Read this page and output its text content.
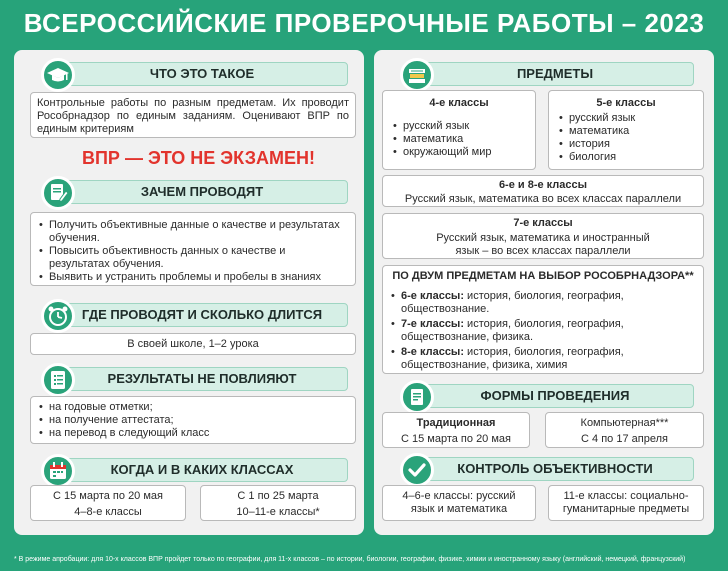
ВСЕРОССИЙСКИЕ ПРОВЕРОЧНЫЕ РАБОТЫ – 2023
ЧТО ЭТО ТАКОЕ
Контрольные работы по разным предметам. Их проводит Рособрнадзор по единым заданиям. Оценивают ВПР по единым критериям
ВПР — ЭТО НЕ ЭКЗАМЕН!
ЗАЧЕМ ПРОВОДЯТ
• Получить объективные данные о качестве и результатах обучения.
• Повысить объективность данных о качестве и результатах обучения.
• Выявить и устранить проблемы и пробелы в знаниях
ГДЕ ПРОВОДЯТ И СКОЛЬКО ДЛИТСЯ
В своей школе, 1–2 урока
РЕЗУЛЬТАТЫ НЕ ПОВЛИЯЮТ
• на годовые отметки;
• на получение аттестата;
• на перевод в следующий класс
КОГДА И В КАКИХ КЛАССАХ
С 15 марта по 20 мая
4–8-е классы
С 1 по 25 марта
10–11-е классы*
ПРЕДМЕТЫ
4-е классы
• русский язык
• математика
• окружающий мир
5-е классы
• русский язык
• математика
• история
• биология
6-е и 8-е классы
Русский язык, математика во всех классах параллели
7-е классы
Русский язык, математика и иностранный язык – во всех классах параллели
ПО ДВУМ ПРЕДМЕТАМ НА ВЫБОР РОСОБРНАДЗОРА**
• 6-е классы: история, биология, география, обществознание.
• 7-е классы: история, биология, география, обществознание, физика.
• 8-е классы: история, биология, география, обществознание, физика, химия
ФОРМЫ ПРОВЕДЕНИЯ
Традиционная
С 15 марта по 20 мая
Компьютерная***
С 4 по 17 апреля
КОНТРОЛЬ ОБЪЕКТИВНОСТИ
4–6-е классы: русский язык и математика
11-е классы: социально-гуманитарные предметы
* В режиме апробации: для 10-х классов ВПР пройдет только по географии, для 11-х классов – по истории, биологии, географии, физике, химии и иностранному языку (английский, немецкий, французский)
